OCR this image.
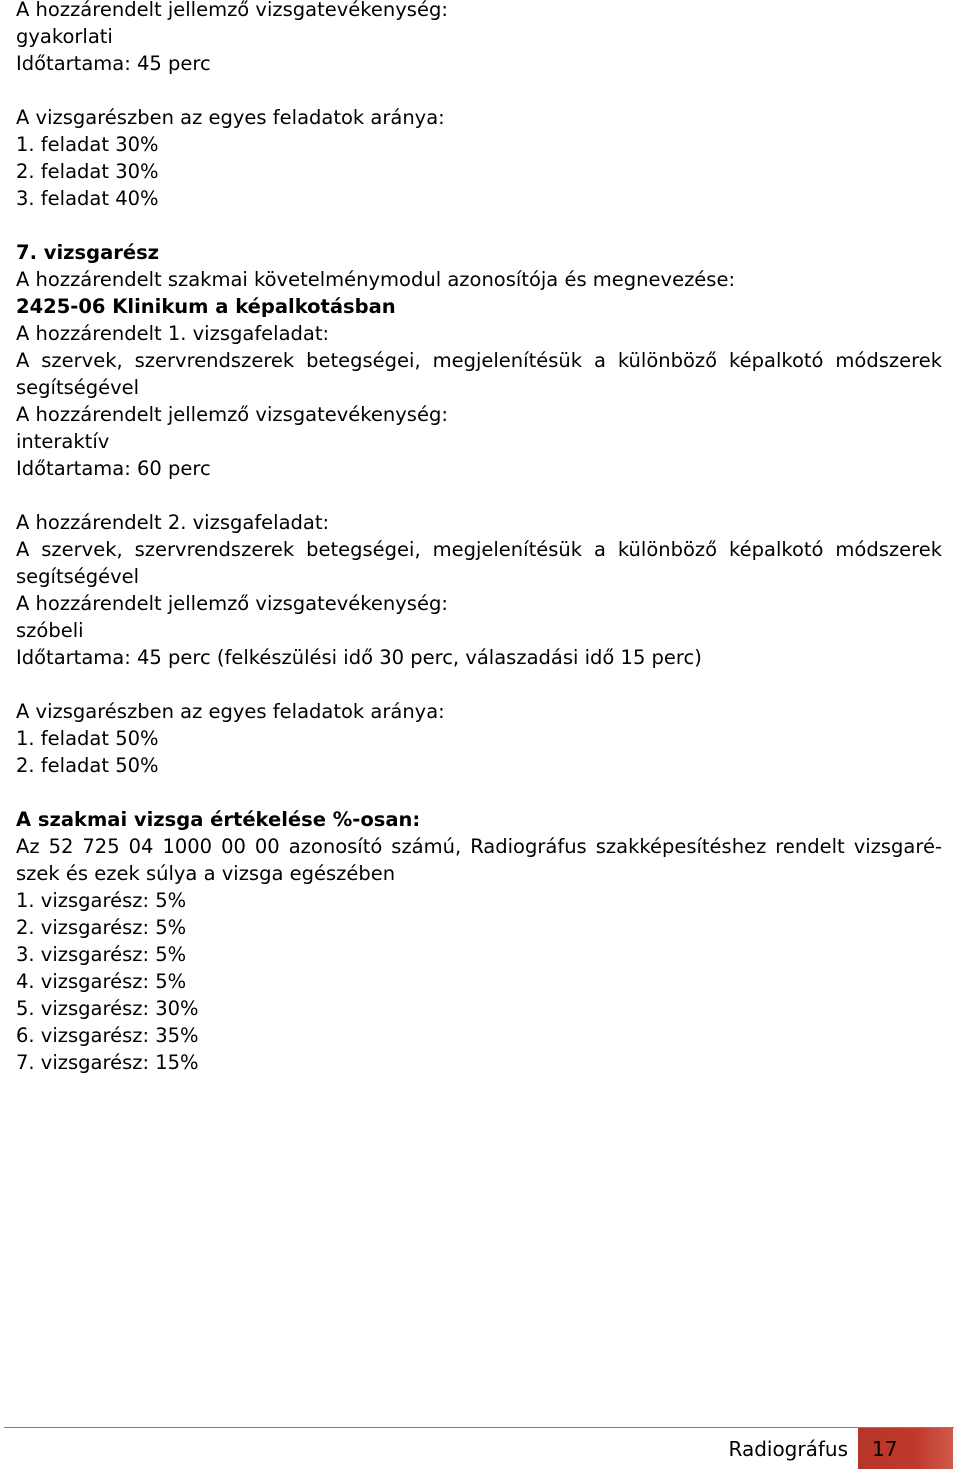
A hozzárendelt jellemző vizsgatevékenység:
gyakorlati
Időtartama: 45 perc
A vizsgarészben az egyes feladatok aránya:
1. feladat 30%
2. feladat 30%
3. feladat 40%
7. vizsgarész
A hozzárendelt szakmai követelménymodul azonosítója és megnevezése:
2425-06 Klinikum a képalkotásban
A hozzárendelt 1. vizsgafeladat:
A szervek, szervrendszerek betegségei, megjelenítésük a különböző képalkotó módszerek
segítségével
A hozzárendelt jellemző vizsgatevékenység:
interaktív
Időtartama: 60 perc
A hozzárendelt 2. vizsgafeladat:
A szervek, szervrendszerek betegségei, megjelenítésük a különböző képalkotó módszerek
segítségével
A hozzárendelt jellemző vizsgatevékenység:
szóbeli
Időtartama: 45 perc (felkészülési idő 30 perc, válaszadási idő 15 perc)
A vizsgarészben az egyes feladatok aránya:
1. feladat 50%
2. feladat 50%
A szakmai vizsga értékelése %-osan:
Az 52 725 04 1000 00 00 azonosító számú, Radiográfus szakképesítéshez rendelt vizsgaré-
szek és ezek súlya a vizsga egészében
1. vizsgarész: 5%
2. vizsgarész: 5%
3. vizsgarész: 5%
4. vizsgarész: 5%
5. vizsgarész: 30%
6. vizsgarész: 35%
7. vizsgarész: 15%
Radiográfus	17
